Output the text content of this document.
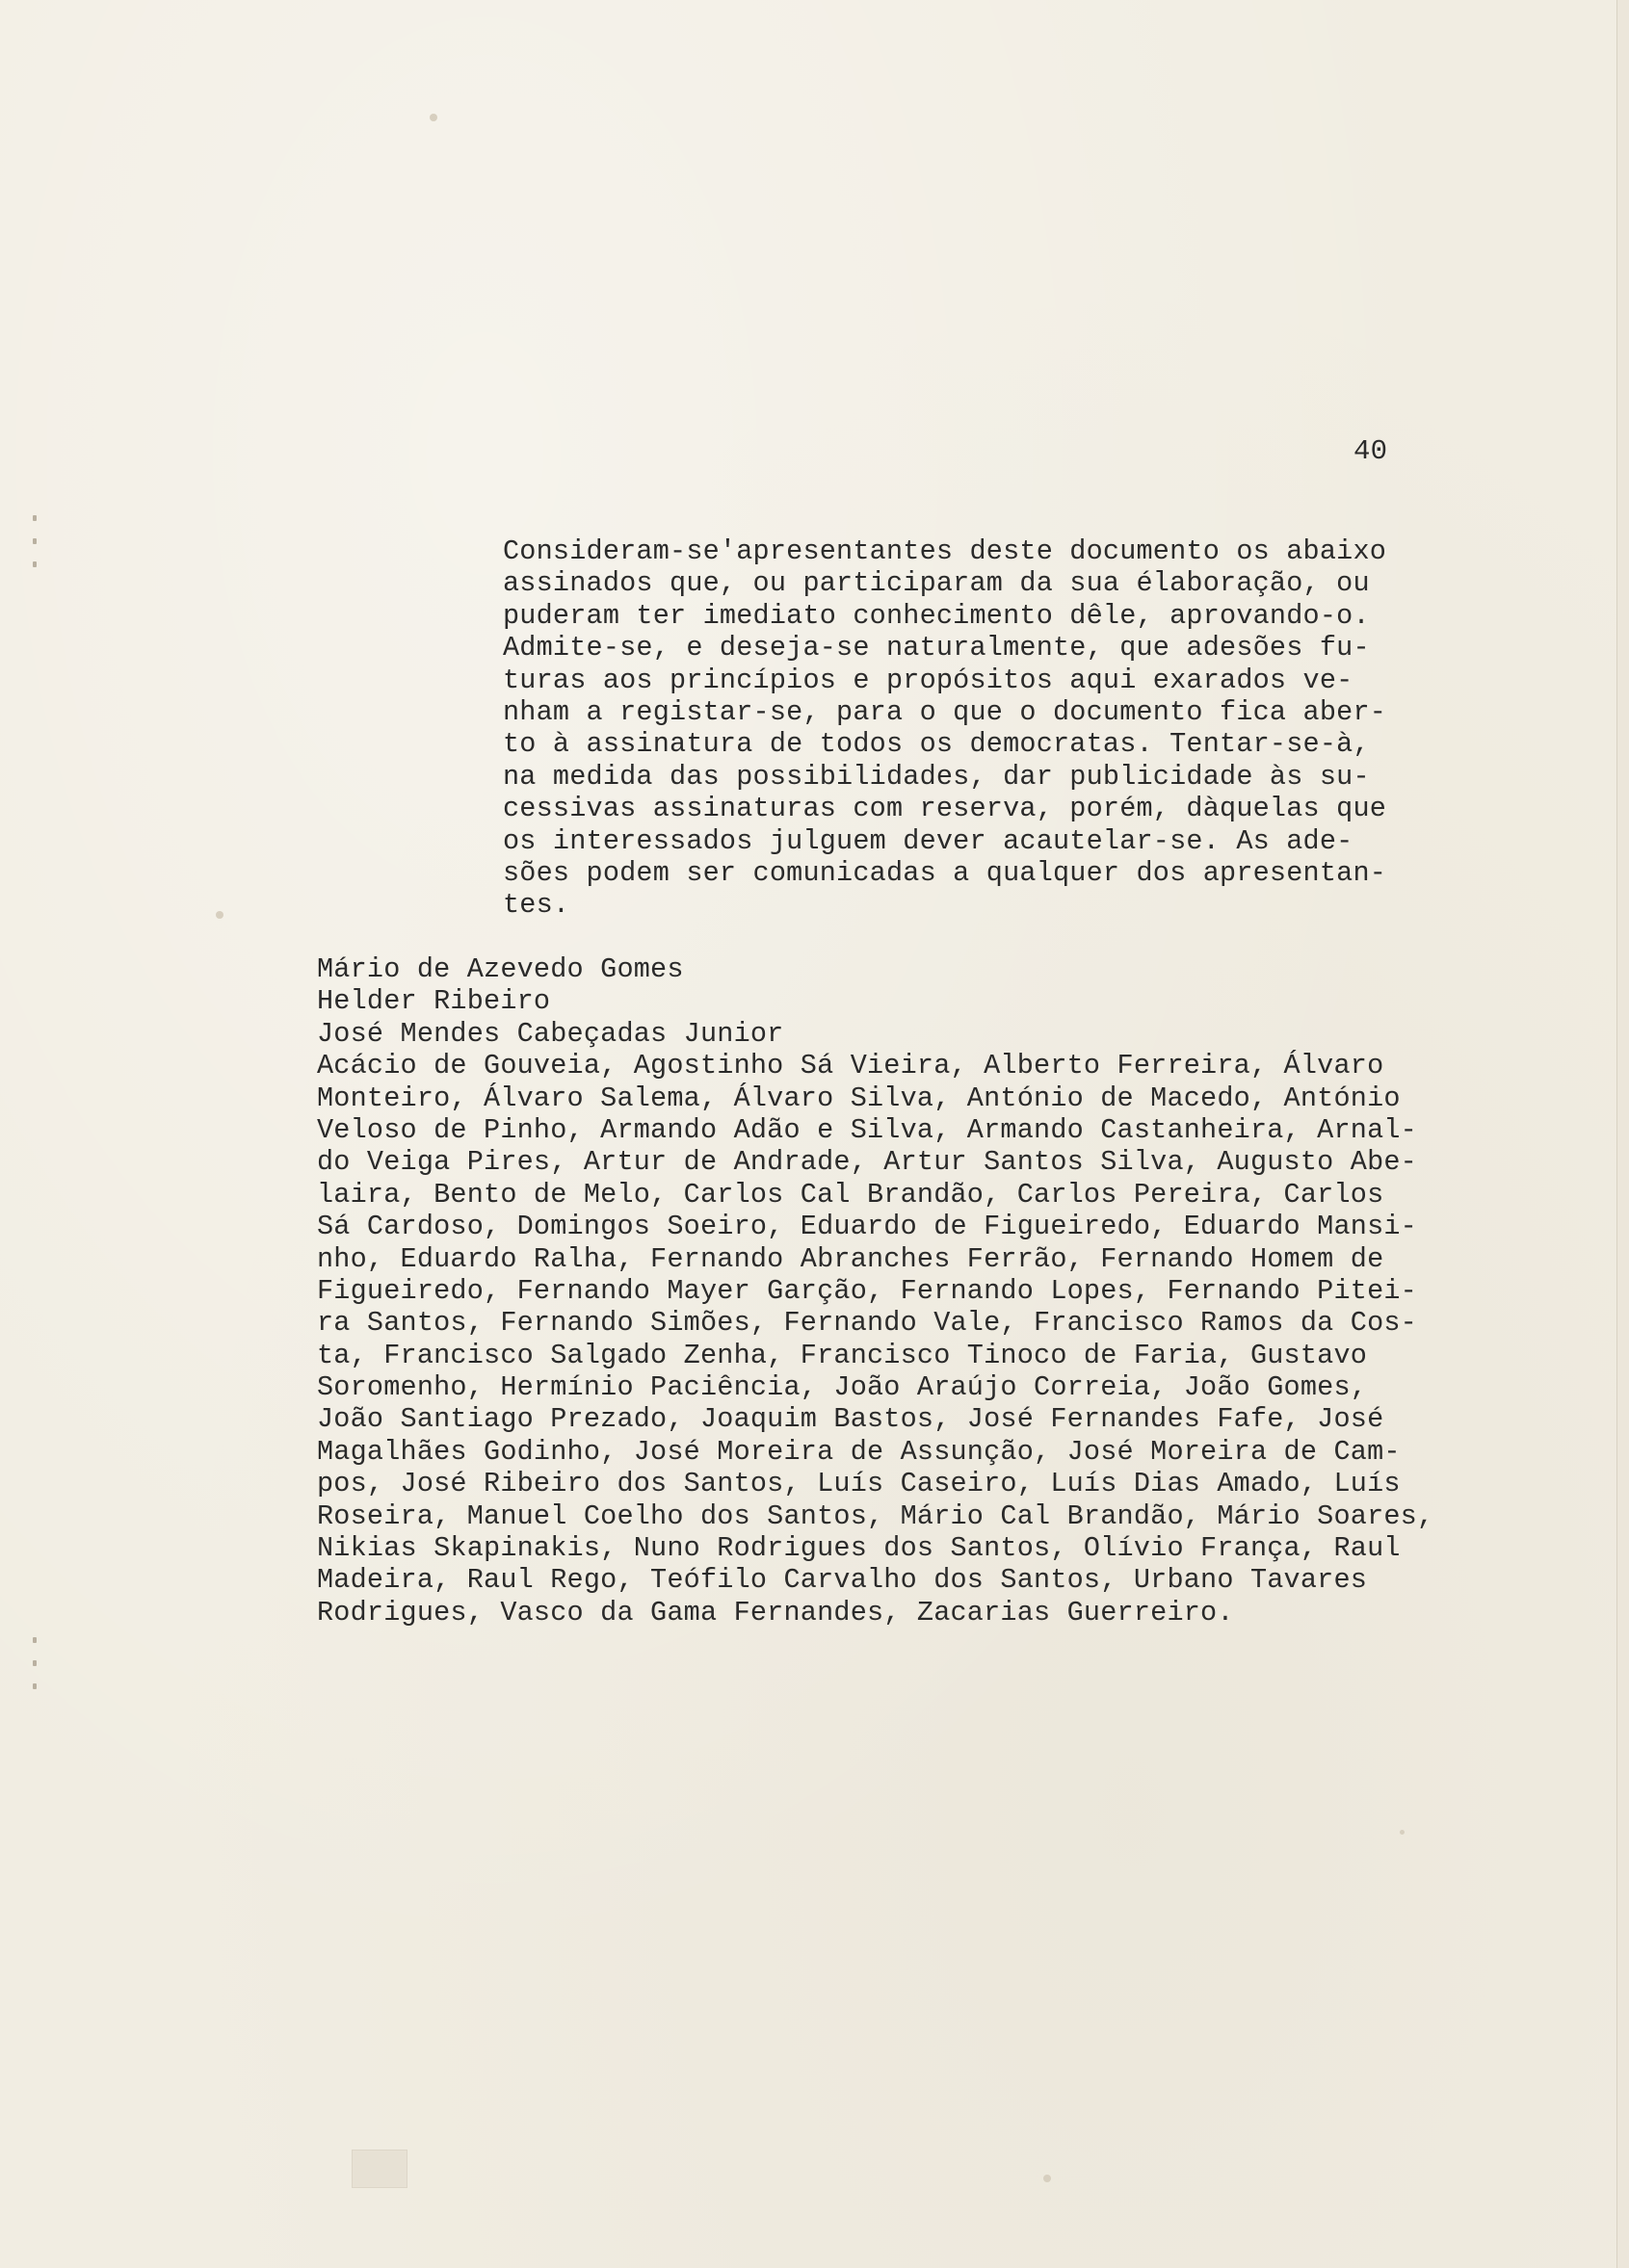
40
Consideram-se'apresentantes deste documento os abaixo
assinados que, ou participaram da sua élaboração, ou
puderam ter imediato conhecimento dêle, aprovando-o.
Admite-se, e deseja-se naturalmente, que adesões fu-
turas aos princípios e propósitos aqui exarados ve-
nham a registar-se, para o que o documento fica aber-
to à assinatura de todos os democratas. Tentar-se-à,
na medida das possibilidades, dar publicidade às su-
cessivas assinaturas com reserva, porém, dàquelas que
os interessados julguem dever acautelar-se. As ade-
sões podem ser comunicadas a qualquer dos apresentan-
tes.
Mário de Azevedo Gomes
Helder Ribeiro
José Mendes Cabeçadas Junior
Acácio de Gouveia, Agostinho Sá Vieira, Alberto Ferreira, Álvaro
Monteiro, Álvaro Salema, Álvaro Silva, António de Macedo, António
Veloso de Pinho, Armando Adão e Silva, Armando Castanheira, Arnal-
do Veiga Pires, Artur de Andrade, Artur Santos Silva, Augusto Abe-
laira, Bento de Melo, Carlos Cal Brandão, Carlos Pereira, Carlos
Sá Cardoso, Domingos Soeiro, Eduardo de Figueiredo, Eduardo Mansi-
nho, Eduardo Ralha, Fernando Abranches Ferrão, Fernando Homem de
Figueiredo, Fernando Mayer Garção, Fernando Lopes, Fernando Pitei-
ra Santos, Fernando Simões, Fernando Vale, Francisco Ramos da Cos-
ta, Francisco Salgado Zenha, Francisco Tinoco de Faria, Gustavo
Soromenho, Hermínio Paciência, João Araújo Correia, João Gomes,
João Santiago Prezado, Joaquim Bastos, José Fernandes Fafe, José
Magalhães Godinho, José Moreira de Assunção, José Moreira de Cam-
pos, José Ribeiro dos Santos, Luís Caseiro, Luís Dias Amado, Luís
Roseira, Manuel Coelho dos Santos, Mário Cal Brandão, Mário Soares,
Nikias Skapinakis, Nuno Rodrigues dos Santos, Olívio França, Raul
Madeira, Raul Rego, Teófilo Carvalho dos Santos, Urbano Tavares
Rodrigues, Vasco da Gama Fernandes, Zacarias Guerreiro.
